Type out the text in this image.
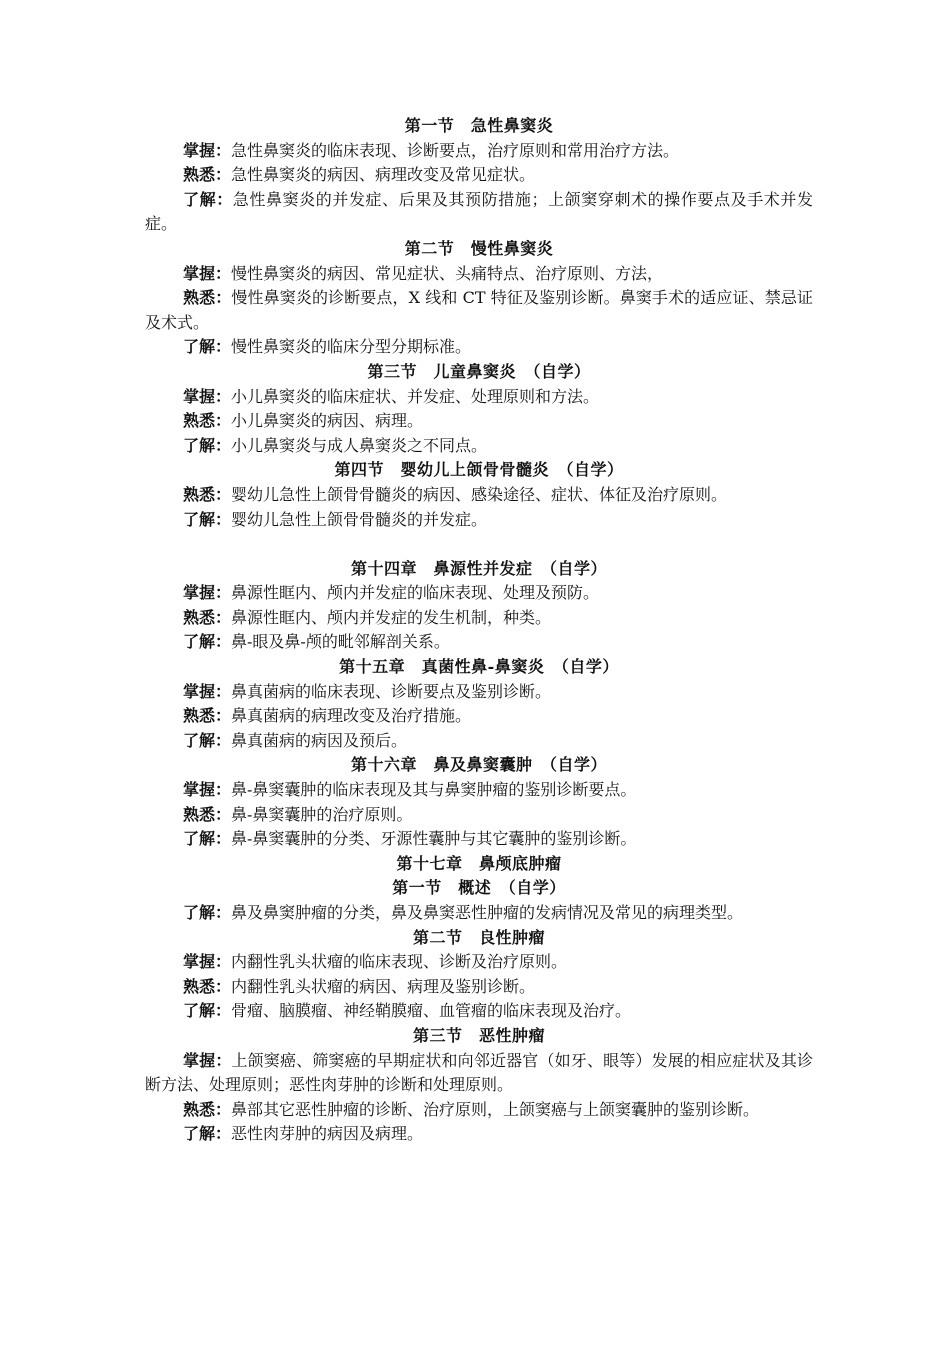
第一节　急性鼻窦炎
掌握：急性鼻窦炎的临床表现、诊断要点，治疗原则和常用治疗方法。
熟悉：急性鼻窦炎的病因、病理改变及常见症状。
了解：急性鼻窦炎的并发症、后果及其预防措施；上颌窦穿刺术的操作要点及手术并发症。
第二节　慢性鼻窦炎
掌握：慢性鼻窦炎的病因、常见症状、头痛特点、治疗原则、方法，
熟悉：慢性鼻窦炎的诊断要点，X 线和 CT 特征及鉴别诊断。鼻窦手术的适应证、禁忌证及术式。
了解：慢性鼻窦炎的临床分型分期标准。
第三节　儿童鼻窦炎　（自学）
掌握：小儿鼻窦炎的临床症状、并发症、处理原则和方法。
熟悉：小儿鼻窦炎的病因、病理。
了解：小儿鼻窦炎与成人鼻窦炎之不同点。
第四节　婴幼儿上颌骨骨髓炎　（自学）
熟悉：婴幼儿急性上颌骨骨髓炎的病因、感染途径、症状、体征及治疗原则。
了解：婴幼儿急性上颌骨骨髓炎的并发症。
第十四章　鼻源性并发症　（自学）
掌握：鼻源性眶内、颅内并发症的临床表现、处理及预防。
熟悉：鼻源性眶内、颅内并发症的发生机制，种类。
了解：鼻-眼及鼻-颅的毗邻解剖关系。
第十五章　真菌性鼻-鼻窦炎　（自学）
掌握：鼻真菌病的临床表现、诊断要点及鉴别诊断。
熟悉：鼻真菌病的病理改变及治疗措施。
了解：鼻真菌病的病因及预后。
第十六章　鼻及鼻窦囊肿　（自学）
掌握：鼻-鼻窦囊肿的临床表现及其与鼻窦肿瘤的鉴别诊断要点。
熟悉：鼻-鼻窦囊肿的治疗原则。
了解：鼻-鼻窦囊肿的分类、牙源性囊肿与其它囊肿的鉴别诊断。
第十七章　鼻颅底肿瘤
第一节　概述　（自学）
了解：鼻及鼻窦肿瘤的分类，鼻及鼻窦恶性肿瘤的发病情况及常见的病理类型。
第二节　良性肿瘤
掌握：内翻性乳头状瘤的临床表现、诊断及治疗原则。
熟悉：内翻性乳头状瘤的病因、病理及鉴别诊断。
了解：骨瘤、脑膜瘤、神经鞘膜瘤、血管瘤的临床表现及治疗。
第三节　恶性肿瘤
掌握：上颌窦癌、筛窦癌的早期症状和向邻近器官（如牙、眼等）发展的相应症状及其诊断方法、处理原则；恶性肉芽肿的诊断和处理原则。
熟悉：鼻部其它恶性肿瘤的诊断、治疗原则，上颌窦癌与上颌窦囊肿的鉴别诊断。
了解：恶性肉芽肿的病因及病理。
